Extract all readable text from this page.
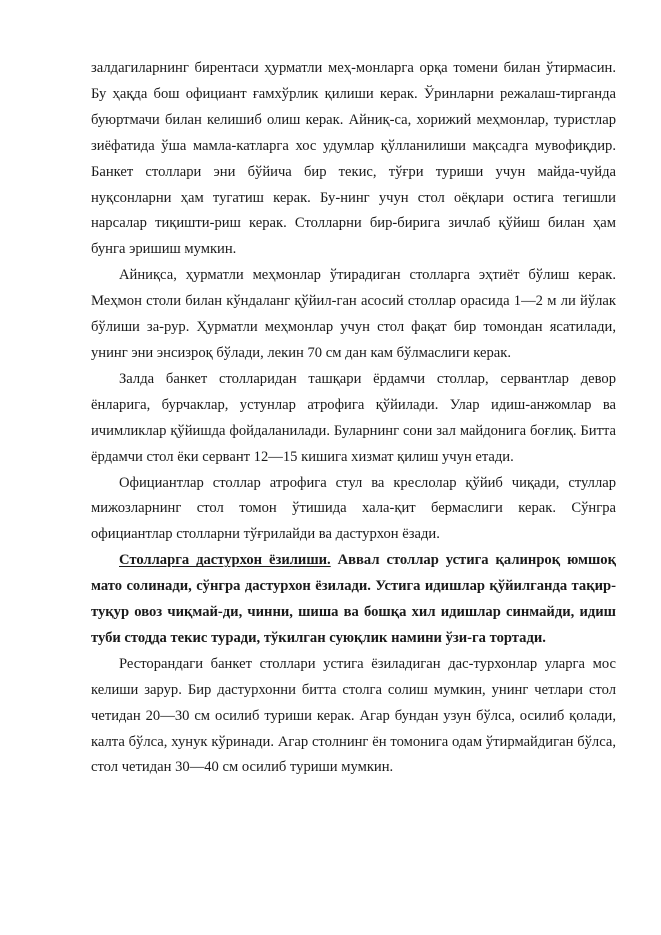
залдагиларнинг бирентаси ҳурматли меҳ-монларга орқа томени билан ўтирмасин. Бу ҳақда бош официант ғамхўрлик қилиши керак. Ўринларни режалаш-тирганда буюртмачи билан келишиб олиш керак. Айниқ-са, хорижий меҳмонлар, туристлар зиёфатида ўша мамла-катларга хос удумлар қўлланилиши мақсадга мувофиқдир. Банкет столлари эни бўйича бир текис, тўғри туриши учун майда-чуйда нуқсонларни ҳам тугатиш керак. Бу-нинг учун стол оёқлари остига тегишли нарсалар тиқишти-риш керак. Столларни бир-бирига зичлаб қўйиш билан ҳам бунга эришиш мумкин.

Айниқса, ҳурматли меҳмонлар ўтирадиган столларга эҳтиёт бўлиш керак. Меҳмон столи билан кўндаланг қўйил-ган асосий столлар орасида 1—2 м ли йўлак бўлиши за-рур. Ҳурматли меҳмонлар учун стол фақат бир томондан ясатилади, унинг эни энсизроқ бўлади, лекин 70 см дан кам бўлмаслиги керак.

Залда банкет столларидан ташқари ёрдамчи столлар, сервантлар девор ёнларига, бурчаклар, устунлар атрофига қўйилади. Улар идиш-анжомлар ва ичимликлар қўйишда фойдаланилади. Буларнинг сони зал майдонига боғлиқ. Битта ёрдамчи стол ёки сервант 12—15 кишига хизмат қилиш учун етади.

Официантлар столлар атрофига стул ва креслолар қўйиб чиқади, стуллар мижозларнинг стол томон ўтишида хала-қит бермаслиги керак. Сўнгра официантлар столларни тўғрилайди ва дастурхон ёзади.

Столларга дастурхон ёзилиши. Аввал столлар устига қалинроқ юмшоқ мато солинади, сўнгра дастурхон ёзилади. Устига идишлар қўйилганда тақир-туқур овоз чиқмай-ди, чинни, шиша ва бошқа хил идишлар синмайди, идиш туби стодда текис туради, тўкилган суюқлик намини ўзи-га тортади.

Ресторандаги банкет столлари устига ёзиладиган дас-турхонлар уларга мос келиши зарур. Бир дастурхонни битта столга солиш мумкин, унинг четлари стол четидан 20—30 см осилиб туриши керак. Агар бундан узун бўлса, осилиб қолади, калта бўлса, хунук кўринади. Агар столнинг ён томонига одам ўтирмайдиган бўлса, стол четидан 30—40 см осилиб туриши мумкин.
